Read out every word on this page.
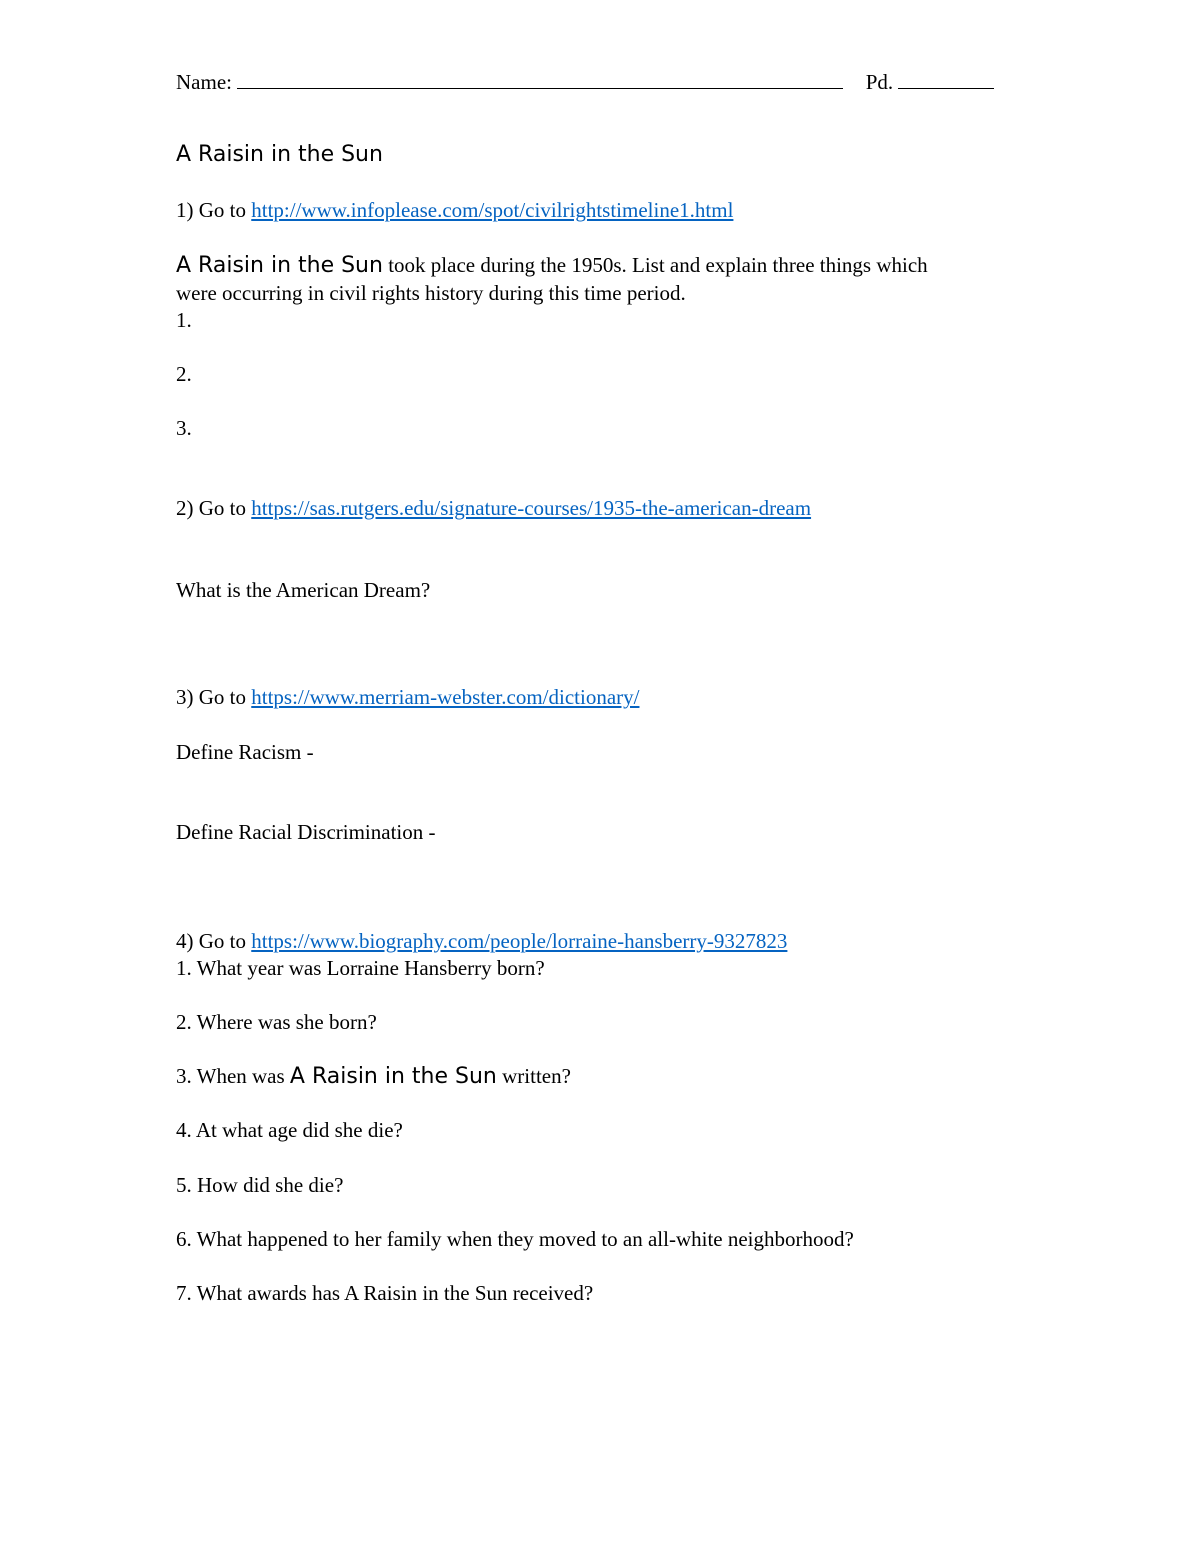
Name:	Pd.
A Raisin in the Sun
1) Go to http://www.infoplease.com/spot/civilrightstimeline1.html
A Raisin in the Sun took place during the 1950s. List and explain three things which
were occurring in civil rights history during this time period.
1.
2.
3.
2) Go to https://sas.rutgers.edu/signature-courses/1935-the-american-dream
What is the American Dream?
3) Go to https://www.merriam-webster.com/dictionary/
Define Racism -
Define Racial Discrimination -
4) Go to https://www.biography.com/people/lorraine-hansberry-9327823
1. What year was Lorraine Hansberry born?
2. Where was she born?
3. When was A Raisin in the Sun written?
4. At what age did she die?
5. How did she die?
6. What happened to her family when they moved to an all-white neighborhood?
7. What awards has A Raisin in the Sun received?
